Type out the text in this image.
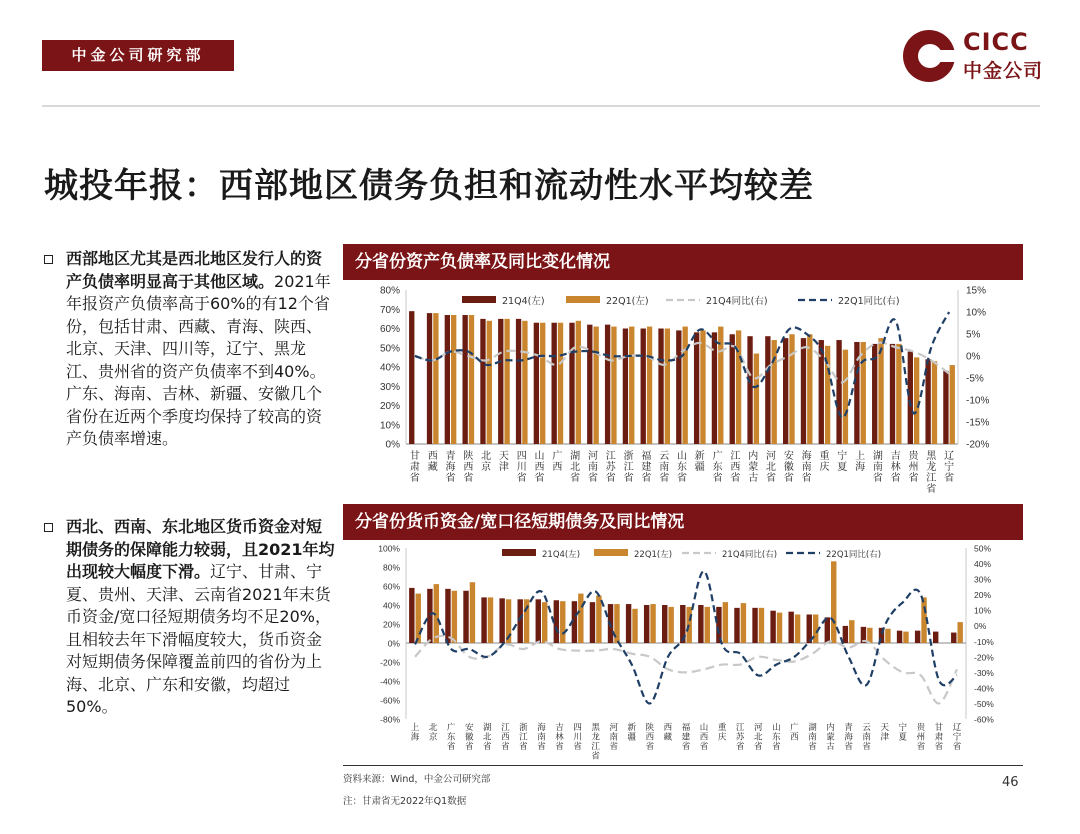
中金公司研究部	CICC
中金公司
城投年报：西部地区债务负担和流动性水平均较差
西部地区尤其是西北地区发行人的资产负债率明显高于其他区域。2021年年报资产负债率高于60%的有12个省份，包括甘肃、西藏、青海、陕西、北京、天津、四川等，辽宁、黑龙江、贵州省的资产负债率不到40%。广东、海南、吉林、新疆、安徽几个省份在近两个季度均保持了较高的资产负债率增速。
西北、西南、东北地区货币资金对短期债务的保障能力较弱，且2021年均出现较大幅度下滑。辽宁、甘肃、宁夏、贵州、天津、云南省2021年末货币资金/宽口径短期债务均不足20%，且相较去年下滑幅度较大，货币资金对短期债务保障覆盖前四的省份为上海、北京、广东和安徽，均超过50%。
分省份资产负债率及同比变化情况
分省份货币资金/宽口径短期债务及同比情况
0%
10%
20%
30%
40%
50%
60%
70%
80%
-20%
-15%
-10%
-5%
0%
5%
10%
15%
甘肃省
西藏
青海省
陕西省
北京
天津
四川省
山西省
广西
湖北省
河南省
江苏省
浙江省
福建省
云南省
山东省
新疆
广东省
江西省
内蒙古
河北省
安徽省
海南省
重庆
宁夏
上海
湖南省
吉林省
贵州省
黑龙江省
辽宁省
21Q4(左)	22Q1(左)	21Q4同比(右)	22Q1同比(右)
-80%
-60%
-40%
-20%
0%
20%
40%
60%
80%
100%
-60%
-50%
-40%
-30%
-20%
-10%
0%
10%
20%
30%
40%
50%
上海
北京
广东省
安徽省
湖北省
江西省
浙江省
海南省
吉林省
四川省
黑龙江省
河南省
新疆
陕西省
西藏
福建省
山西省
重庆
江苏省
河北省
山东省
广西
湖南省
内蒙古
青海省
云南省
天津
宁夏
贵州省
甘肃省
辽宁省
21Q4(左)	22Q1(左)	21Q4同比(右)	22Q1同比(右)
资料来源：Wind，中金公司研究部
注：甘肃省无2022年Q1数据
46
